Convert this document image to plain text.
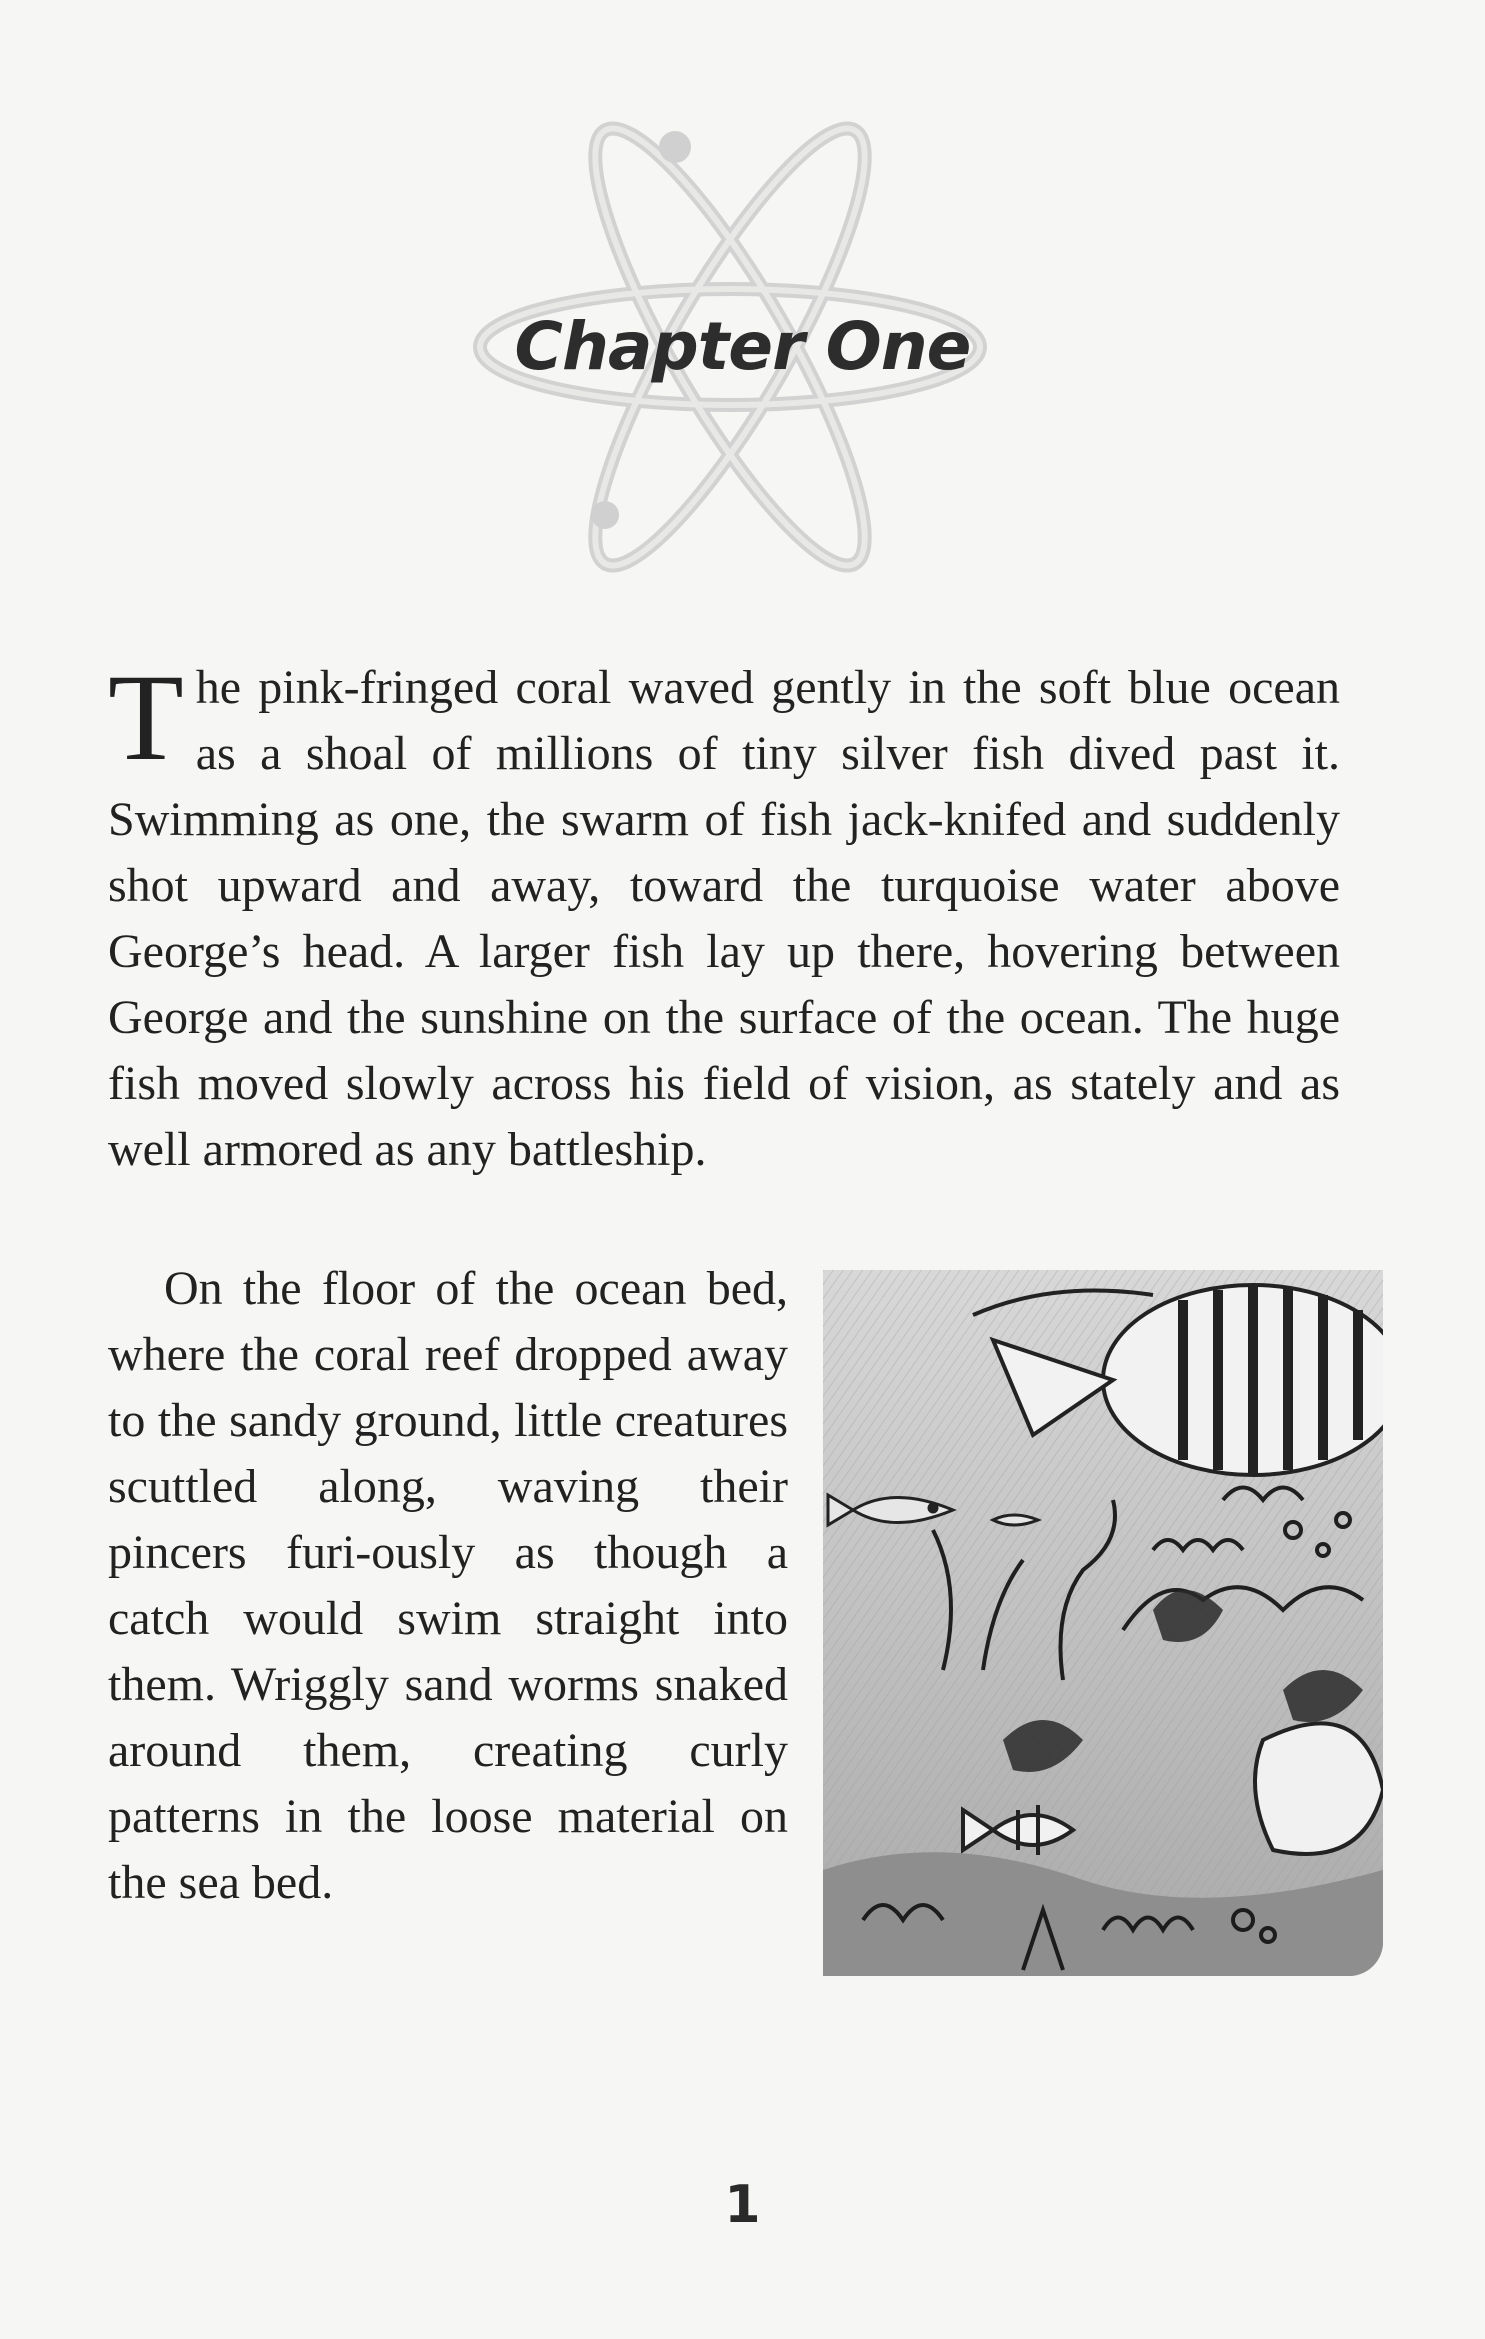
Chapter One

The pink-fringed coral waved gently in the soft blue ocean as a shoal of millions of tiny silver fish dived past it. Swimming as one, the swarm of fish jack-knifed and suddenly shot upward and away, toward the turquoise water above George’s head. A larger fish lay up there, hovering between George and the sunshine on the surface of the ocean. The huge fish moved slowly across his field of vision, as stately and as well armored as any battleship.

On the floor of the ocean bed, where the coral reef dropped away to the sandy ground, little creatures scuttled along, waving their pincers furi-ously as though a catch would swim straight into them. Wriggly sand worms snaked around them, creating curly patterns in the loose material on the sea bed.

1
